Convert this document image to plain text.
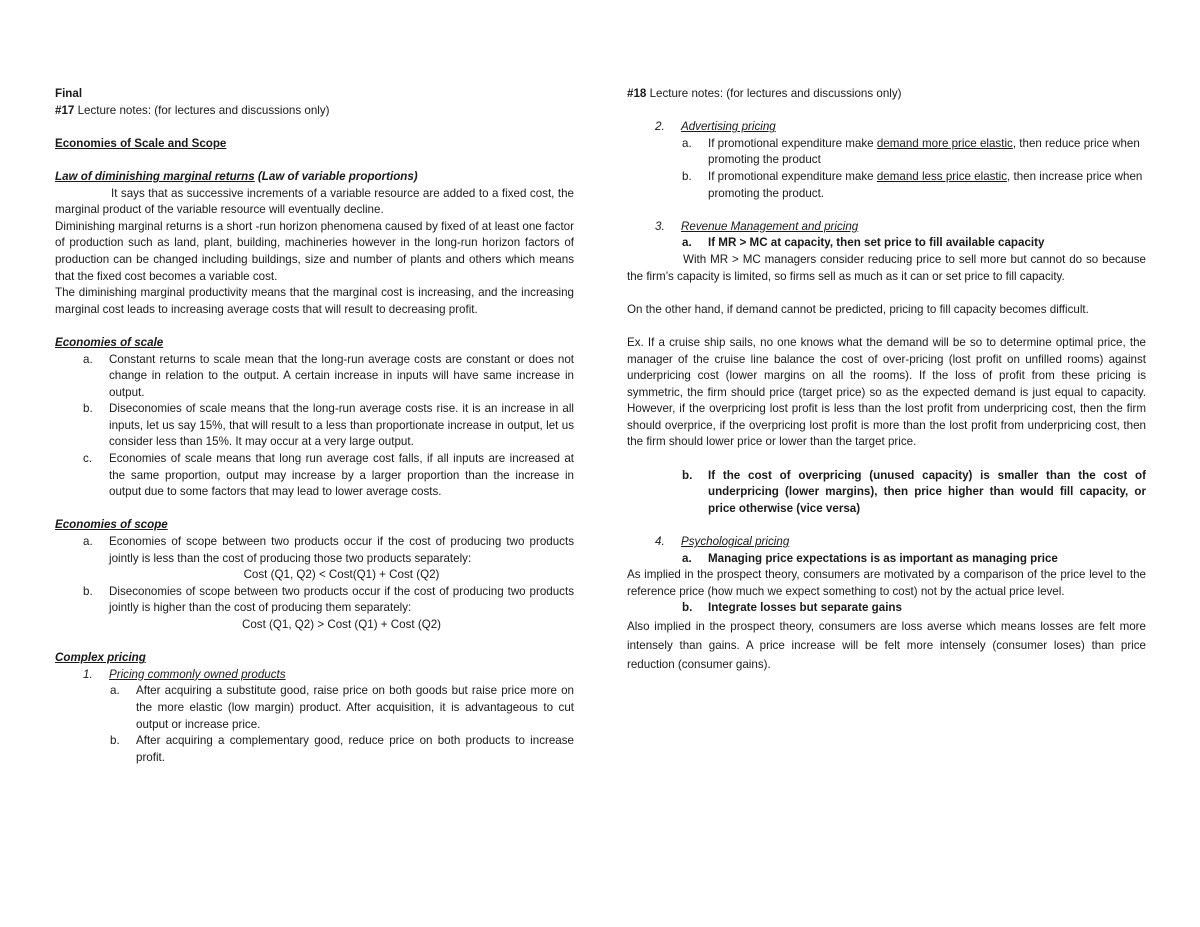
Final

#17 Lecture notes: (for lectures and discussions only)

Economies of Scale and Scope

Law of diminishing marginal returns (Law of variable proportions)

It says that as successive increments of a variable resource are added to a fixed cost, the marginal product of the variable resource will eventually decline.

Diminishing marginal returns is a short -run horizon phenomena caused by fixed of at least one factor of production such as land, plant, building, machineries however in the long-run horizon factors of production can be changed including buildings, size and number of plants and others which means that the fixed cost becomes a variable cost.

The diminishing marginal productivity means that the marginal cost is increasing, and the increasing marginal cost leads to increasing average costs that will result to decreasing profit.

Economies of scale

a. Constant returns to scale mean that the long-run average costs are constant or does not change in relation to the output. A certain increase in inputs will have same increase in output.
b. Diseconomies of scale means that the long-run average costs rise. it is an increase in all inputs, let us say 15%, that will result to a less than proportionate increase in output, let us consider less than 15%. It may occur at a very large output.
c. Economies of scale means that long run average cost falls, if all inputs are increased at the same proportion, output may increase by a larger proportion than the increase in output due to some factors that may lead to lower average costs.

Economies of scope

a. Economies of scope between two products occur if the cost of producing two products jointly is less than the cost of producing those two products separately:

Cost (Q1, Q2) < Cost(Q1) + Cost (Q2)

b. Diseconomies of scope between two products occur if the cost of producing two products jointly is higher than the cost of producing them separately:

Cost (Q1, Q2) > Cost (Q1) + Cost (Q2)

Complex pricing

1. Pricing commonly owned products
a. After acquiring a substitute good, raise price on both goods but raise price more on the more elastic (low margin) product. After acquisition, it is advantageous to cut output or increase price.
b. After acquiring a complementary good, reduce price on both products to increase profit.

#18 Lecture notes: (for lectures and discussions only)

2. Advertising pricing
a. If promotional expenditure make demand more price elastic, then reduce price when promoting the product
b. If promotional expenditure make demand less price elastic, then increase price when promoting the product.
3. Revenue Management and pricing
a. If MR > MC at capacity, then set price to fill available capacity

With MR > MC managers consider reducing price to sell more but cannot do so because the firm’s capacity is limited, so firms sell as much as it can or set price to fill capacity.

On the other hand, if demand cannot be predicted, pricing to fill capacity becomes difficult.

Ex. If a cruise ship sails, no one knows what the demand will be so to determine optimal price, the manager of the cruise line balance the cost of over-pricing (lost profit on unfilled rooms) against underpricing cost (lower margins on all the rooms). If the loss of profit from these pricing is symmetric, the firm should price (target price) so as the expected demand is just equal to capacity. However, if the overpricing lost profit is less than the lost profit from underpricing cost, then the firm should overprice, if the overpricing lost profit is more than the lost profit from underpricing cost, then the firm should lower price or lower than the target price.

b. If the cost of overpricing (unused capacity) is smaller than the cost of underpricing (lower margins), then price higher than would fill capacity, or price otherwise (vice versa)
4. Psychological pricing
a. Managing price expectations is as important as managing price

As implied in the prospect theory, consumers are motivated by a comparison of the price level to the reference price (how much we expect something to cost) not by the actual price level.

b. Integrate losses but separate gains

Also implied in the prospect theory, consumers are loss averse which means losses are felt more intensely than gains. A price increase will be felt more intensely (consumer loses) than price reduction (consumer gains).
